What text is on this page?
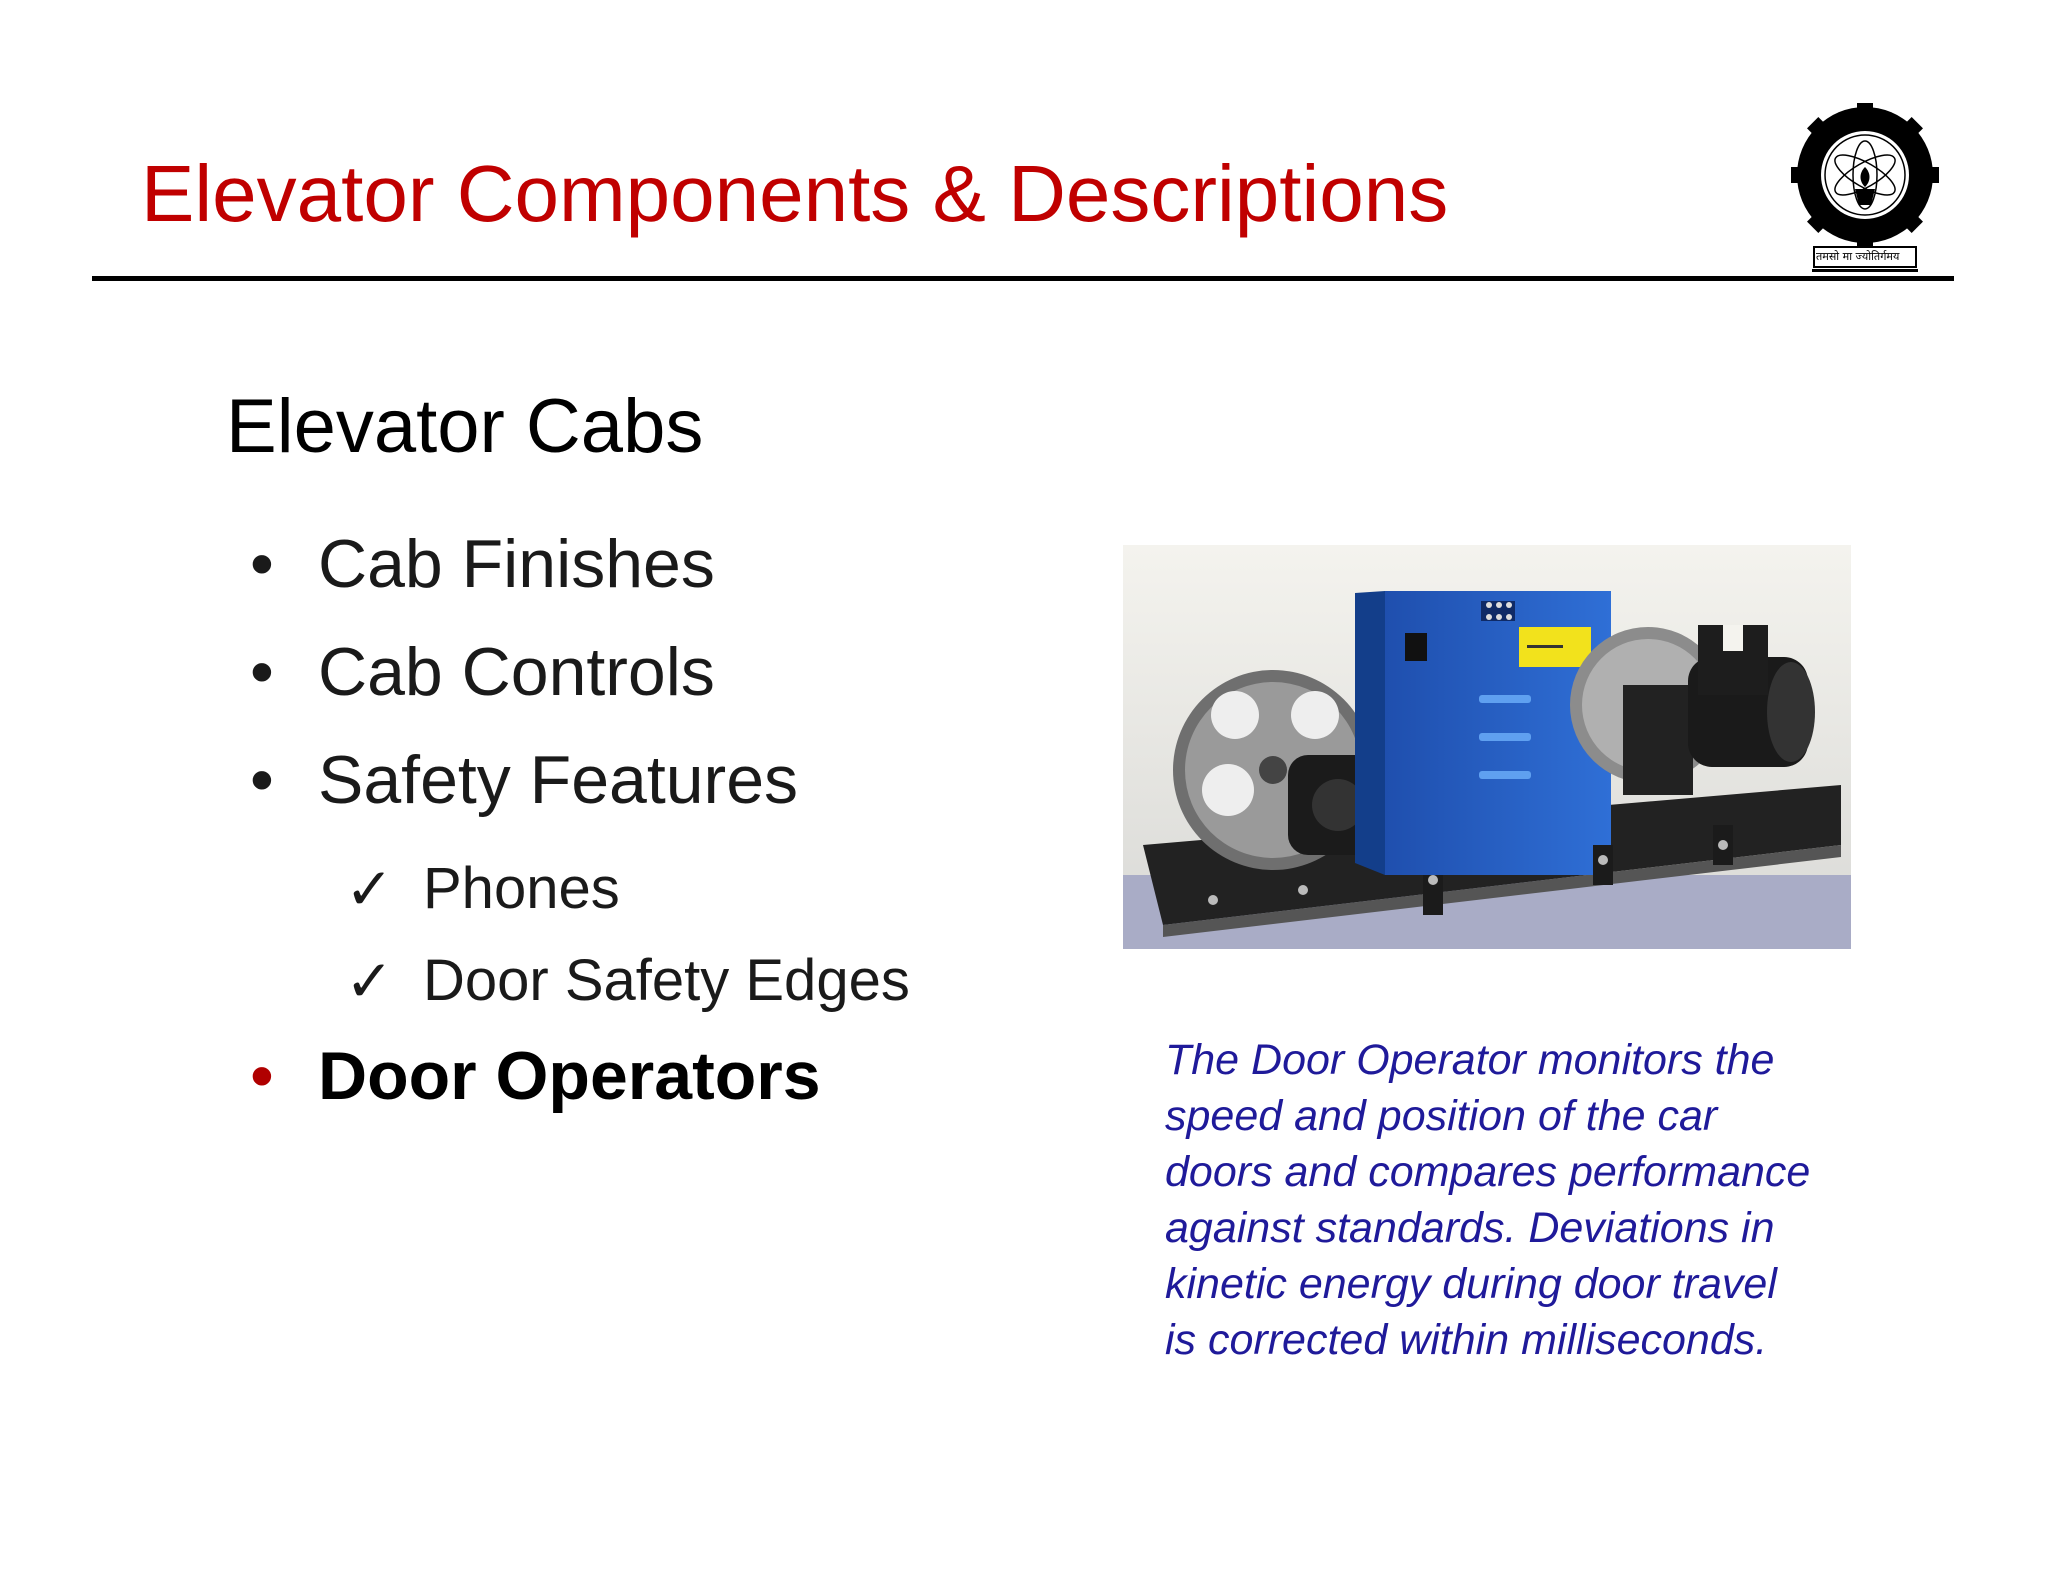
Elevator Components & Descriptions
तमसो मा ज्योतिर्गमय
Elevator Cabs
• Cab Finishes
• Cab Controls
• Safety Features
✓ Phones
✓ Door Safety Edges
• Door Operators	The Door Operator monitors the
speed and position of the car
doors and compares performance
against standards. Deviations in
kinetic energy during door travel
is corrected within milliseconds.
